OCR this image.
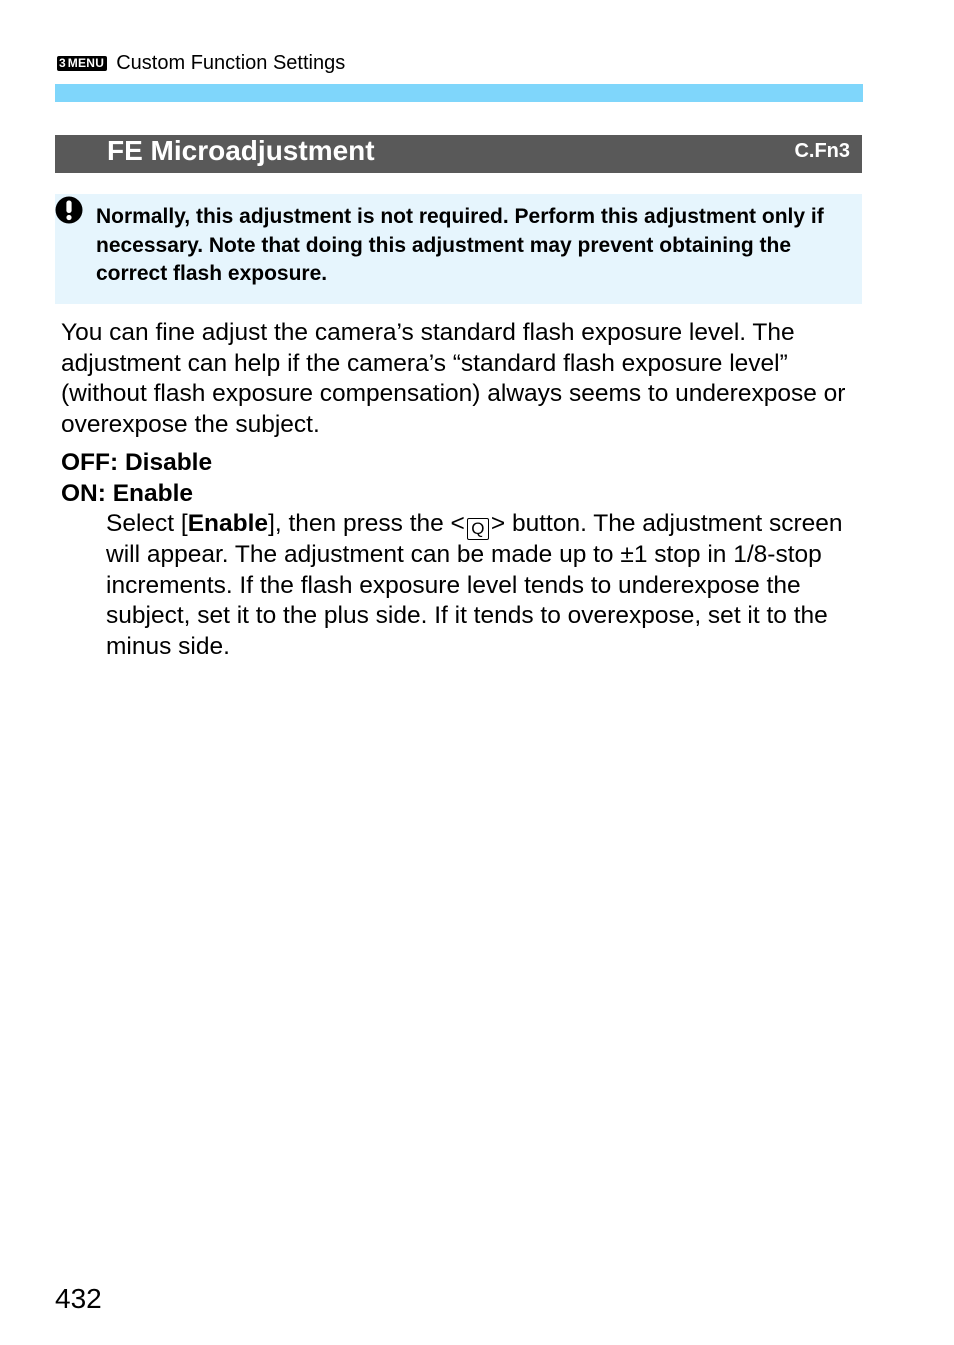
3 MENU Custom Function Settings
FE Microadjustment	C.Fn3
Normally, this adjustment is not required. Perform this adjustment only if necessary. Note that doing this adjustment may prevent obtaining the correct flash exposure.

You can fine adjust the camera’s standard flash exposure level. The adjustment can help if the camera’s “standard flash exposure level” (without flash exposure compensation) always seems to underexpose or overexpose the subject.

OFF: Disable
ON: Enable

Select [Enable], then press the < Q > button. The adjustment screen will appear. The adjustment can be made up to ±1 stop in 1/8-stop increments. If the flash exposure level tends to underexpose the subject, set it to the plus side. If it tends to overexpose, set it to the minus side.

432
